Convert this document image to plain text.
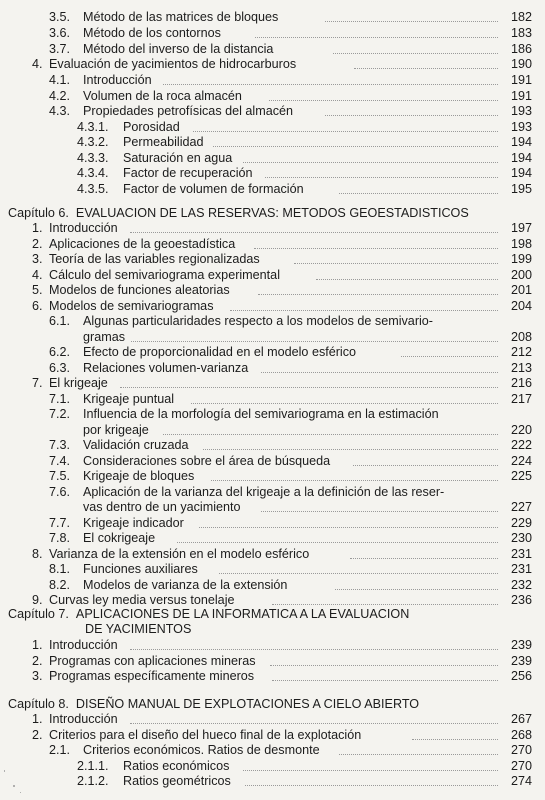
3.5. Método de las matrices de bloques	182
3.6. Método de los contornos	183
3.7. Método del inverso de la distancia	186
4. Evaluación de yacimientos de hidrocarburos	190
4.1. Introducción	191
4.2. Volumen de la roca almacén	191
4.3. Propiedades petrofísicas del almacén	193
4.3.1. Porosidad	193
4.3.2. Permeabilidad	194
4.3.3. Saturación en agua	194
4.3.4. Factor de recuperación	194
4.3.5. Factor de volumen de formación	195
Capítulo 6. EVALUACION DE LAS RESERVAS: METODOS GEOESTADISTICOS
1. Introducción	197
2. Aplicaciones de la geoestadística	198
3. Teoría de las variables regionalizadas	199
4. Cálculo del semivariograma experimental	200
5. Modelos de funciones aleatorias	201
6. Modelos de semivariogramas	204
6.1. Algunas particularidades respecto a los modelos de semivario-
gramas	208
6.2. Efecto de proporcionalidad en el modelo esférico	212
6.3. Relaciones volumen-varianza	213
7. El krigeaje	216
7.1. Krigeaje puntual	217
7.2. Influencia de la morfología del semivariograma en la estimación
por krigeaje	220
7.3. Validación cruzada	222
7.4. Consideraciones sobre el área de búsqueda	224
7.5. Krigeaje de bloques	225
7.6. Aplicación de la varianza del krigeaje a la definición de las reser-
vas dentro de un yacimiento	227
7.7. Krigeaje indicador	229
7.8. El cokrigeaje	230
8. Varianza de la extensión en el modelo esférico	231
8.1. Funciones auxiliares	231
8.2. Modelos de varianza de la extensión	232
9. Curvas ley media versus tonelaje	236
Capítulo 7. APLICACIONES DE LA INFORMATICA A LA EVALUACION
DE YACIMIENTOS
1. Introducción	239
2. Programas con aplicaciones mineras	239
3. Programas específicamente mineros	256
Capítulo 8. DISEÑO MANUAL DE EXPLOTACIONES A CIELO ABIERTO
1. Introducción	267
2. Criterios para el diseño del hueco final de la explotación	268
2.1. Criterios económicos. Ratios de desmonte	270
2.1.1. Ratios económicos	270
2.1.2. Ratios geométricos	274
